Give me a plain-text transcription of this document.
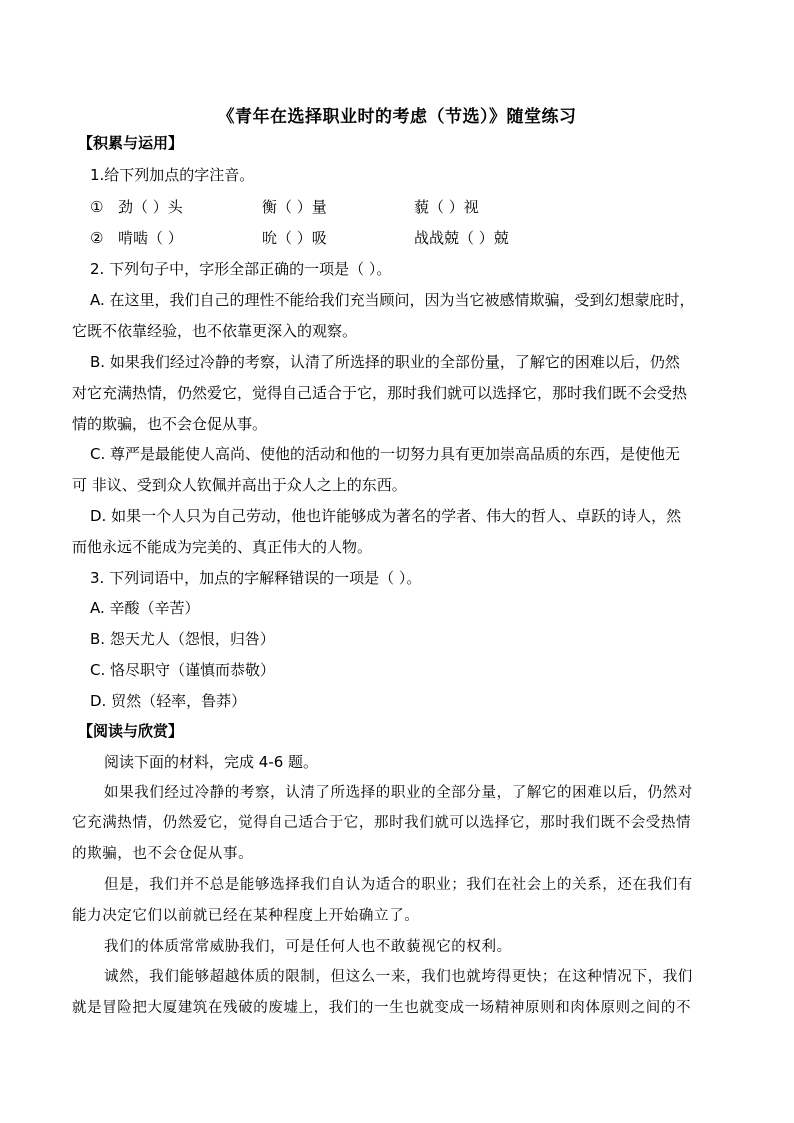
《青年在选择职业时的考虑（节选）》随堂练习
【积累与运用】
1.给下列加点的字注音。
① 劲（ ）头	衡（ ）量	藐（ ）视
② 啃啮（ ）	吮（ ）吸	战战兢（ ）兢
2. 下列句子中，字形全部正确的一项是（ ）。
A. 在这里，我们自己的理性不能给我们充当顾问，因为当它被感情欺骗，受到幻想蒙庇时，
它既不依靠经验，也不依靠更深入的观察。
B. 如果我们经过冷静的考察，认清了所选择的职业的全部份量，了解它的困难以后，仍然
对它充满热情，仍然爱它，觉得自己适合于它，那时我们就可以选择它，那时我们既不会受热
情的欺骗，也不会仓促从事。
C. 尊严是最能使人高尚、使他的活动和他的一切努力具有更加崇高品质的东西，是使他无
可 非议、受到众人钦佩并高出于众人之上的东西。
D. 如果一个人只为自己劳动，他也许能够成为著名的学者、伟大的哲人、卓跃的诗人，然
而他永远不能成为完美的、真正伟大的人物。
3. 下列词语中，加点的字解释错误的一项是（ ）。
A. 辛酸（辛苦）
B. 怨天尤人（怨恨，归咎）
C. 恪尽职守（谨慎而恭敬）
D. 贸然（轻率，鲁莽）
【阅读与欣赏】
阅读下面的材料，完成 4-6 题。
如果我们经过冷静的考察，认清了所选择的职业的全部分量，了解它的困难以后，仍然对
它充满热情，仍然爱它，觉得自己适合于它，那时我们就可以选择它，那时我们既不会受热情
的欺骗，也不会仓促从事。
但是，我们并不总是能够选择我们自认为适合的职业；我们在社会上的关系，还在我们有
能力决定它们以前就已经在某种程度上开始确立了。
我们的体质常常威胁我们，可是任何人也不敢藐视它的权利。
诚然，我们能够超越体质的限制，但这么一来，我们也就垮得更快；在这种情况下，我们
就是冒险把大厦建筑在残破的废墟上，我们的一生也就变成一场精神原则和肉体原则之间的不
